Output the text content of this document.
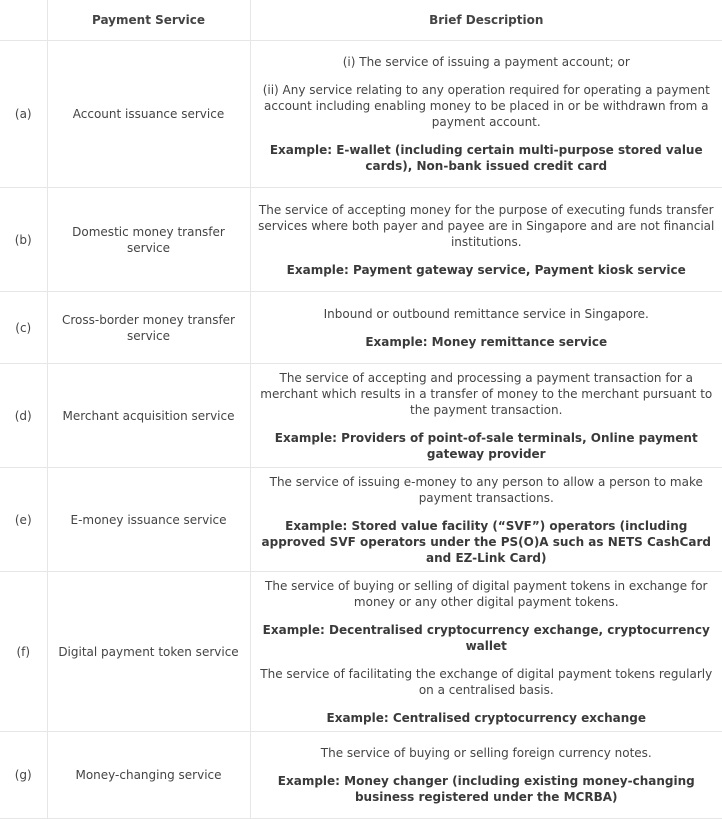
	Payment Service	Brief Description
(a)	Account issuance service	(i) The service of issuing a payment account; or

(ii) Any service relating to any operation required for operating a payment account including enabling money to be placed in or be withdrawn from a payment account.

Example: E-wallet (including certain multi-purpose stored value cards), Non-bank issued credit card

(b)	Domestic money transfer service	The service of accepting money for the purpose of executing funds transfer services where both payer and payee are in Singapore and are not financial institutions.

Example: Payment gateway service, Payment kiosk service

(c)	Cross-border money transfer service	Inbound or outbound remittance service in Singapore.

Example: Money remittance service

(d)	Merchant acquisition service	The service of accepting and processing a payment transaction for a merchant which results in a transfer of money to the merchant pursuant to the payment transaction.

Example: Providers of point-of-sale terminals, Online payment gateway provider

(e)	E-money issuance service	The service of issuing e-money to any person to allow a person to make payment transactions.

Example: Stored value facility (“SVF”) operators (including approved SVF operators under the PS(O)A such as NETS CashCard and EZ-Link Card)

(f)	Digital payment token service	The service of buying or selling of digital payment tokens in exchange for money or any other digital payment tokens.

Example: Decentralised cryptocurrency exchange, cryptocurrency wallet

The service of facilitating the exchange of digital payment tokens regularly on a centralised basis.

Example: Centralised cryptocurrency exchange

(g)	Money-changing service	The service of buying or selling foreign currency notes.

Example: Money changer (including existing money-changing business registered under the MCRBA)
